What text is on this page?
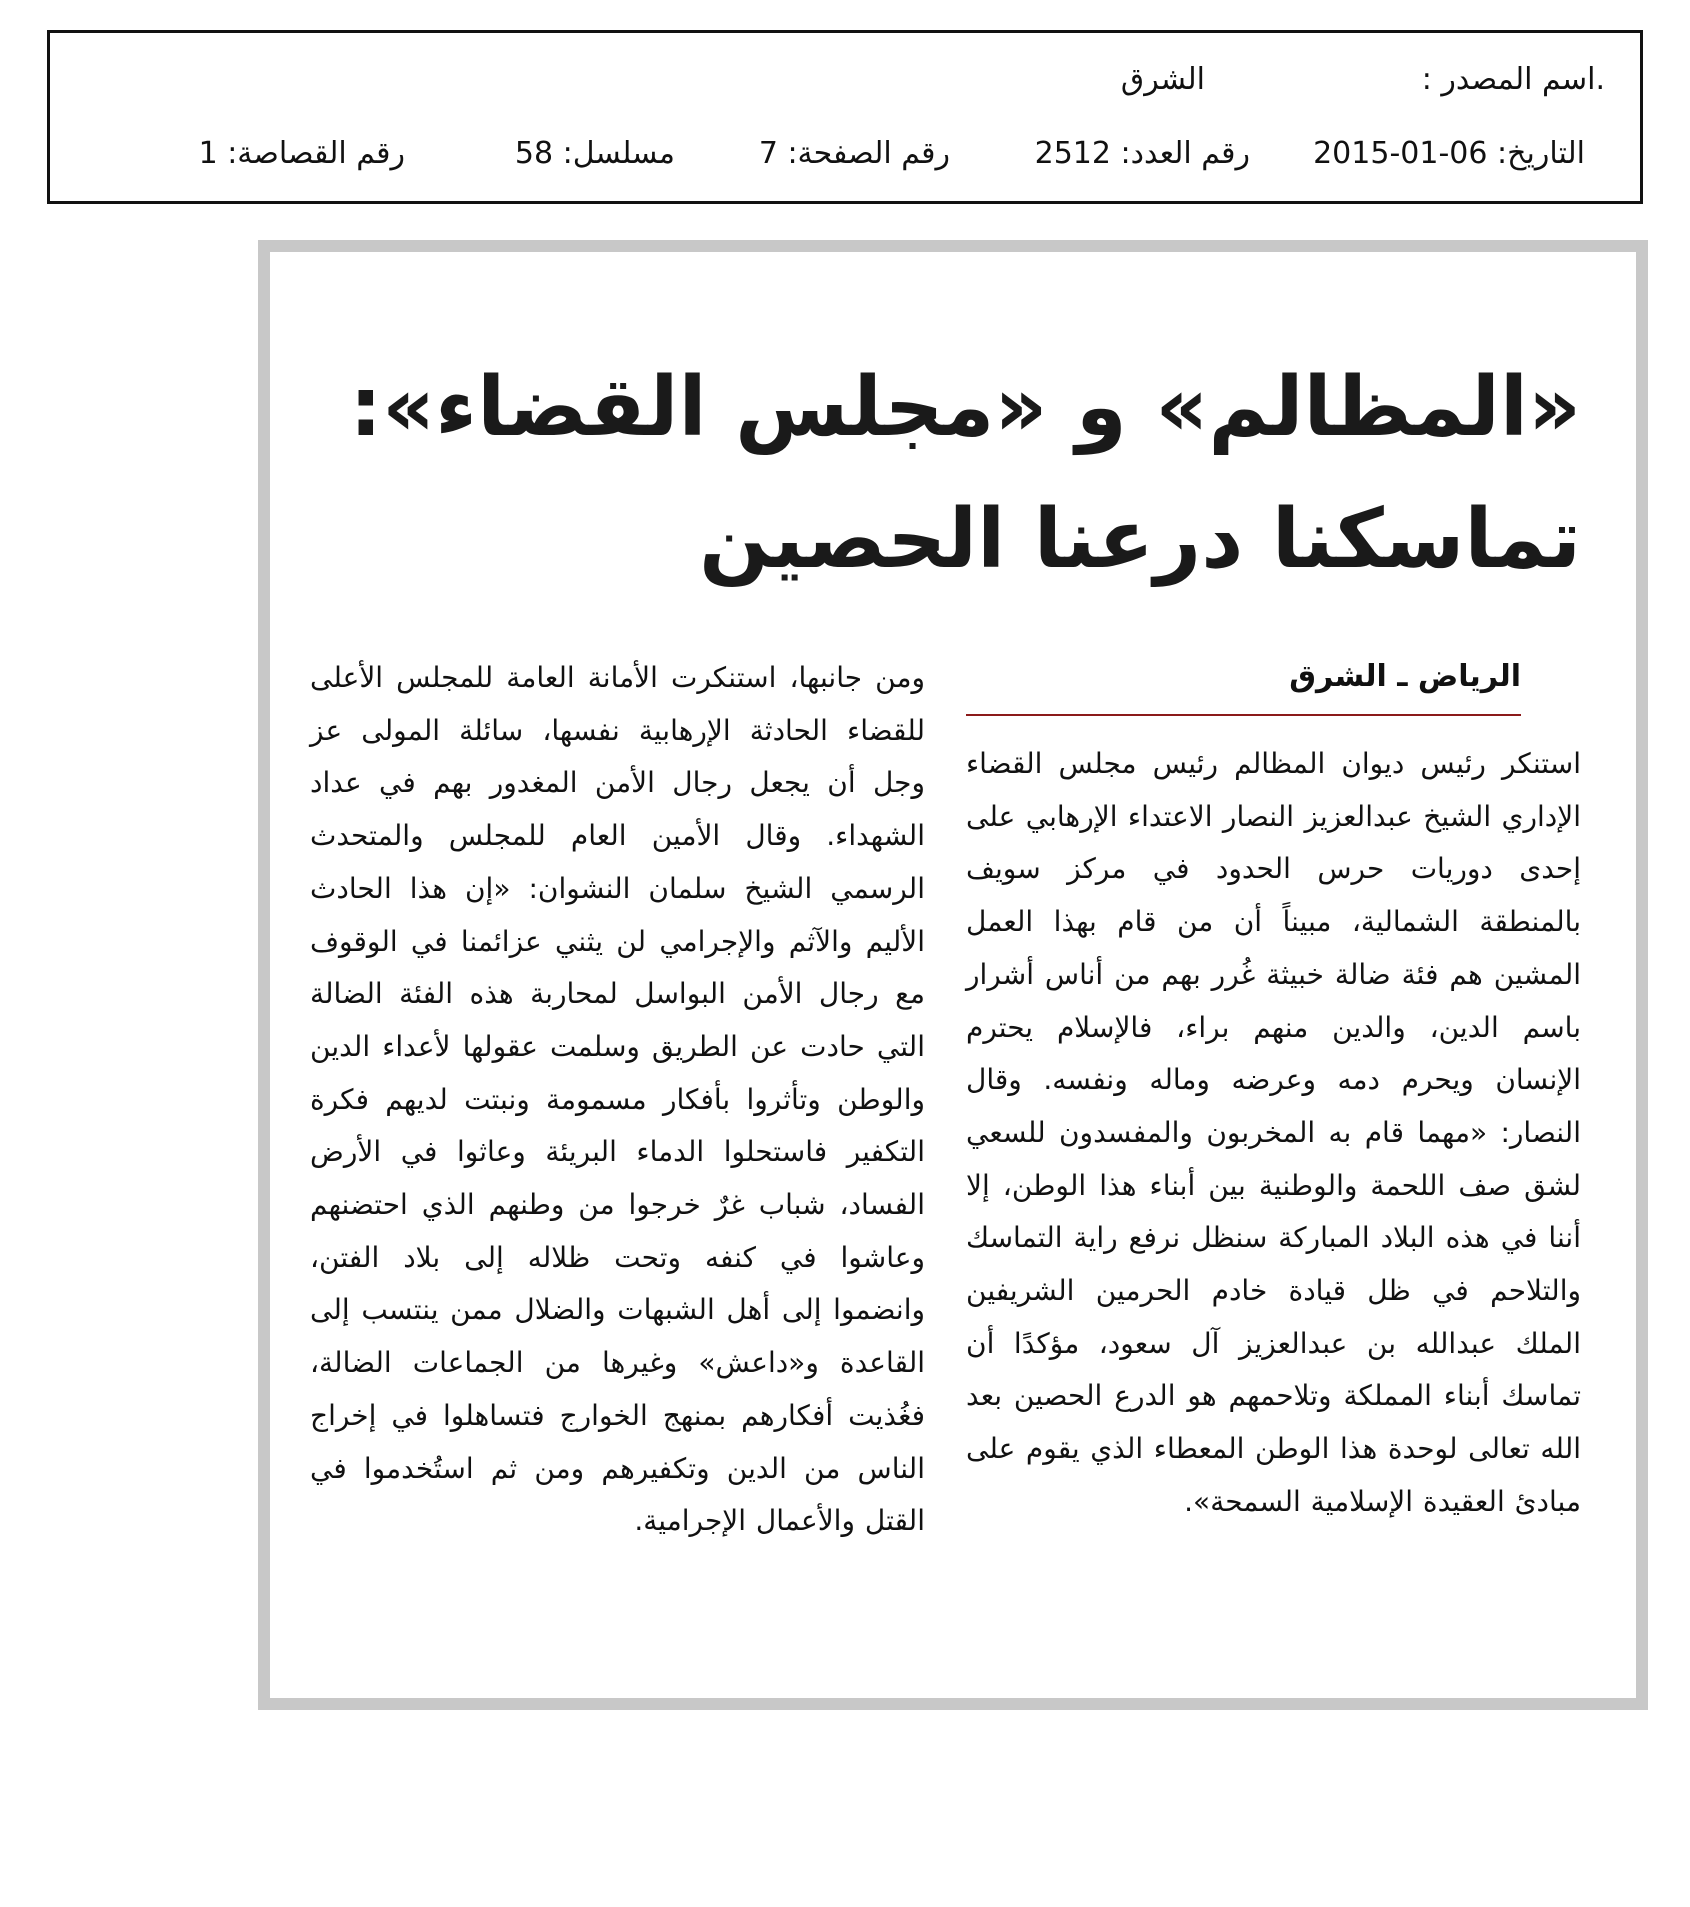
.اسم المصدر :
الشرق
التاريخ: 06-01-2015
رقم العدد: 2512
رقم الصفحة: 7
مسلسل: 58
رقم القصاصة: 1
«المظالم» و «مجلس القضاء»:
تماسكنا درعنا الحصين
الرياض ـ الشرق

استنكر رئيس ديوان المظالم رئيس مجلس القضاء الإداري الشيخ عبدالعزيز النصار الاعتداء الإرهابي على إحدى دوريات حرس الحدود في مركز سويف بالمنطقة الشمالية، مبيناً أن من قام بهذا العمل المشين هم فئة ضالة خبيثة غُرر بهم من أناس أشرار باسم الدين، والدين منهم براء، فالإسلام يحترم الإنسان ويحرم دمه وعرضه وماله ونفسه. وقال النصار: «مهما قام به المخربون والمفسدون للسعي لشق صف اللحمة والوطنية بين أبناء هذا الوطن، إلا أننا في هذه البلاد المباركة سنظل نرفع راية التماسك والتلاحم في ظل قيادة خادم الحرمين الشريفين الملك عبدالله بن عبدالعزيز آل سعود، مؤكدًا أن تماسك أبناء المملكة وتلاحمهم هو الدرع الحصين بعد الله تعالى لوحدة هذا الوطن المعطاء الذي يقوم على مبادئ العقيدة الإسلامية السمحة».

ومن جانبها، استنكرت الأمانة العامة للمجلس الأعلى للقضاء الحادثة الإرهابية نفسها، سائلة المولى عز وجل أن يجعل رجال الأمن المغدور بهم في عداد الشهداء. وقال الأمين العام للمجلس والمتحدث الرسمي الشيخ سلمان النشوان: «إن هذا الحادث الأليم والآثم والإجرامي لن يثني عزائمنا في الوقوف مع رجال الأمن البواسل لمحاربة هذه الفئة الضالة التي حادت عن الطريق وسلمت عقولها لأعداء الدين والوطن وتأثروا بأفكار مسمومة ونبتت لديهم فكرة التكفير فاستحلوا الدماء البريئة وعاثوا في الأرض الفساد، شباب غرٌ خرجوا من وطنهم الذي احتضنهم وعاشوا في كنفه وتحت ظلاله إلى بلاد الفتن، وانضموا إلى أهل الشبهات والضلال ممن ينتسب إلى القاعدة و«داعش» وغيرها من الجماعات الضالة، فغُذيت أفكارهم بمنهج الخوارج فتساهلوا في إخراج الناس من الدين وتكفيرهم ومن ثم استُخدموا في القتل والأعمال الإجرامية.
